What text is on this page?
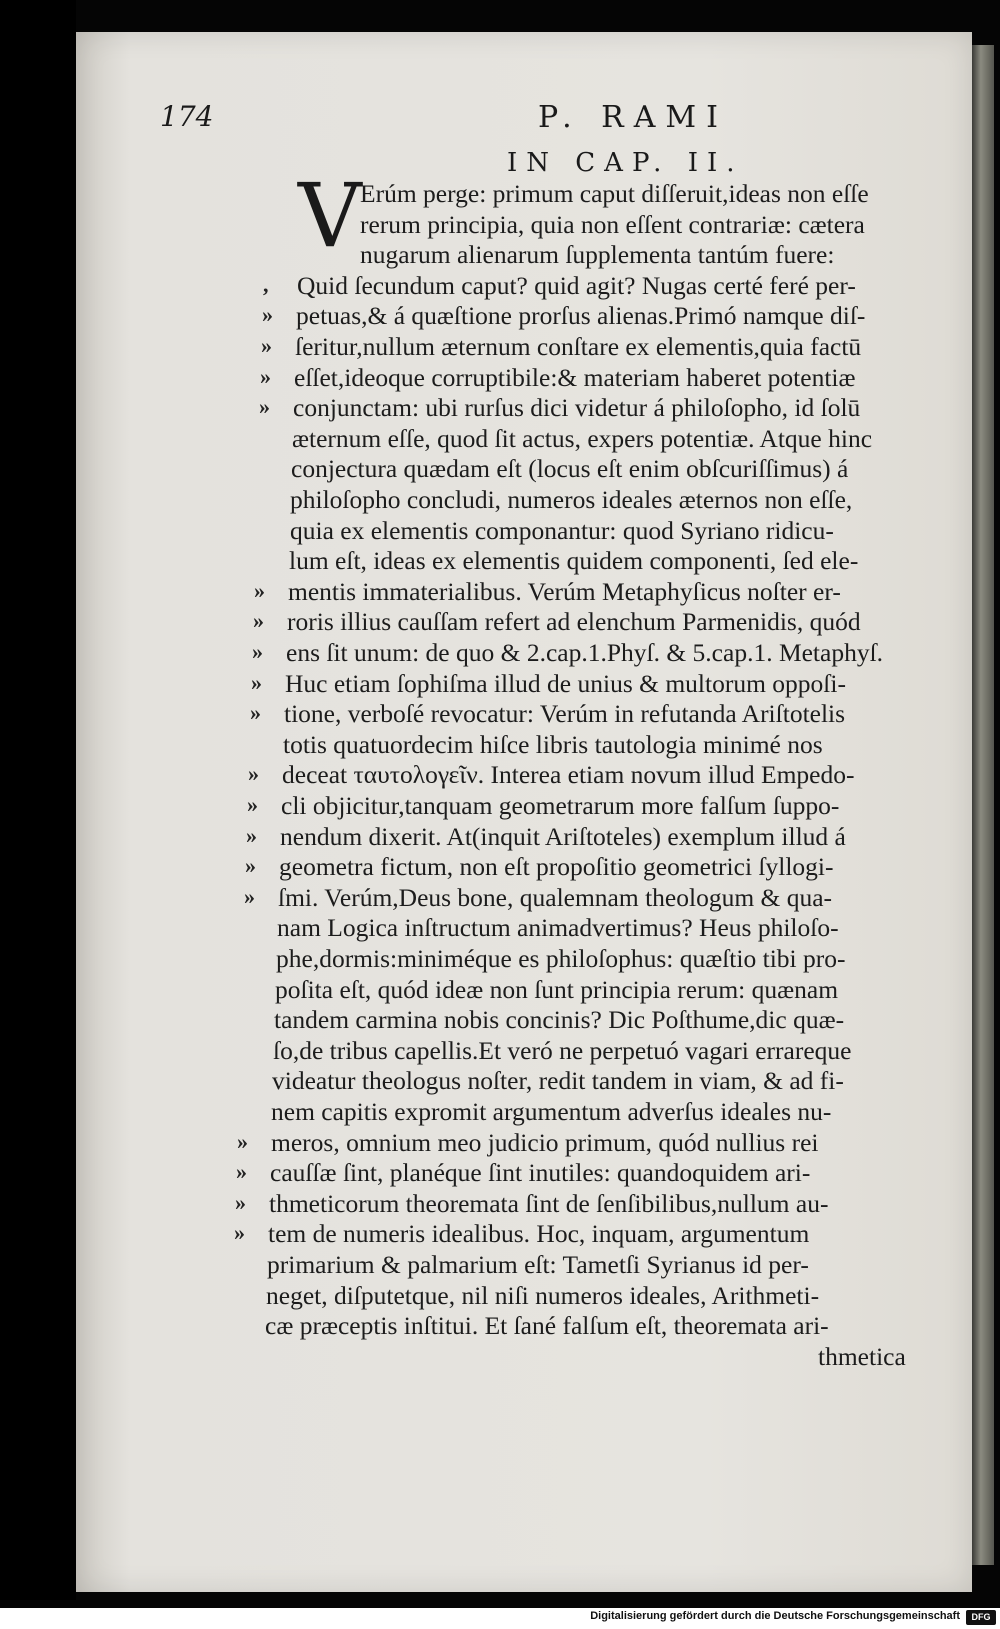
174	P. RAMI
IN CAP. II.
V
Erúm perge: primum caput diſſeruit,ideas non eſſe
rerum principia, quia non eſſent contrariæ: cætera
nugarum alienarum ſupplementa tantúm fuere:
Quid ſecundum caput? quid agit? Nugas certé feré per-
,
petuas,& á quæſtione prorſus alienas.Primó namque diſ-
»
ſeritur,nullum æternum conſtare ex elementis,quia factū
»
eſſet,ideoque corruptibile:& materiam haberet potentiæ
»
conjunctam: ubi rurſus dici videtur á philoſopho, id ſolū
»
æternum eſſe, quod ſit actus, expers potentiæ. Atque hinc
conjectura quædam eſt (locus eſt enim obſcuriſſimus) á
philoſopho concludi, numeros ideales æternos non eſſe,
quia ex elementis componantur: quod Syriano ridicu-
lum eſt, ideas ex elementis quidem componenti, ſed ele-
mentis immaterialibus. Verúm Metaphyſicus noſter er-
»
roris illius cauſſam refert ad elenchum Parmenidis, quód
»
ens ſit unum: de quo & 2.cap.1.Phyſ. & 5.cap.1. Metaphyſ.
»
Huc etiam ſophiſma illud de unius & multorum oppoſi-
»
tione, verboſé revocatur: Verúm in refutanda Ariſtotelis
»
totis quatuordecim hiſce libris tautologia minimé nos
deceat ταυτολογεῖν. Interea etiam novum illud Empedo-
»
cli objicitur,tanquam geometrarum more falſum ſuppo-
»
nendum dixerit. At(inquit Ariſtoteles) exemplum illud á
»
geometra fictum, non eſt propoſitio geometrici ſyllogi-
»
ſmi. Verúm,Deus bone, qualemnam theologum & qua-
»
nam Logica inſtructum animadvertimus? Heus philoſo-
phe,dormis:miniméque es philoſophus: quæſtio tibi pro-
poſita eſt, quód ideæ non ſunt principia rerum: quænam
tandem carmina nobis concinis? Dic Poſthume,dic quæ-
ſo,de tribus capellis.Et veró ne perpetuó vagari errareque
videatur theologus noſter, redit tandem in viam, & ad fi-
nem capitis expromit argumentum adverſus ideales nu-
meros, omnium meo judicio primum, quód nullius rei
»
cauſſæ ſint, planéque ſint inutiles: quandoquidem ari-
»
thmeticorum theoremata ſint de ſenſibilibus,nullum au-
»
tem de numeris idealibus. Hoc, inquam, argumentum
»
primarium & palmarium eſt: Tametſi Syrianus id per-
neget, diſputetque, nil niſi numeros ideales, Arithmeti-
cæ præceptis inſtitui. Et ſané falſum eſt, theoremata ari-
thmetica
Digitalisierung gefördert durch die Deutsche Forschungsgemeinschaft	DFG
